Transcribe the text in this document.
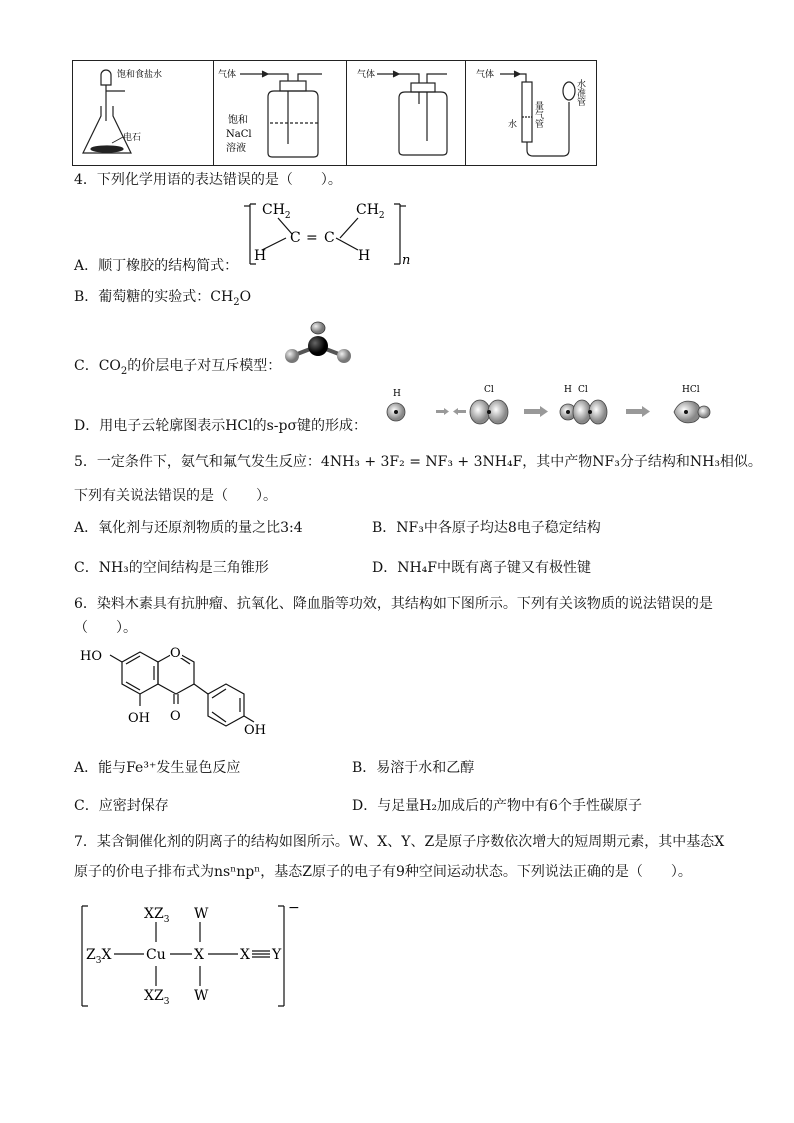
饱和食盐水
电石
气体
饱和
NaCl
溶液
气体	气体
水 量气管
水准管
4．下列化学用语的表达错误的是（　　）。
A．顺丁橡胶的结构简式：
$CH_2$	$CH_2$
C = C
H	H n
B．葡萄糖的实验式：$CH_2O$
C．$CO_2$的价层电子对互斥模型：
D．用电子云轮廓图表示HCl的s-pσ键的形成：
H	Cl	H Cl	HCl
5．一定条件下，氨气和氟气发生反应：4NH₃ + 3F₂ = NF₃ + 3NH₄F，其中产物NF₃分子结构和NH₃相似。
下列有关说法错误的是（　　）。
A．氧化剂与还原剂物质的量之比3:4	B．NF₃中各原子均达8电子稳定结构
C．NH₃的空间结构是三角锥形	D．NH₄F中既有离子键又有极性键
6．染料木素具有抗肿瘤、抗氧化、降血脂等功效，其结构如下图所示。下列有关该物质的说法错误的是
（　　）。
O
HO
OH O
OH
A．能与Fe³⁺发生显色反应	B．易溶于水和乙醇
C．应密封保存	D．与足量H₂加成后的产物中有6个手性碳原子
7．某含铜催化剂的阴离子的结构如图所示。W、X、Y、Z是原子序数依次增大的短周期元素，其中基态X
原子的价电子排布式为nsⁿnpⁿ，基态Z原子的电子有9种空间运动状态。下列说法正确的是（　　）。
$XZ_3$ W
$Z_3X$ Cu X	X Y
$XZ_3$ W
−
